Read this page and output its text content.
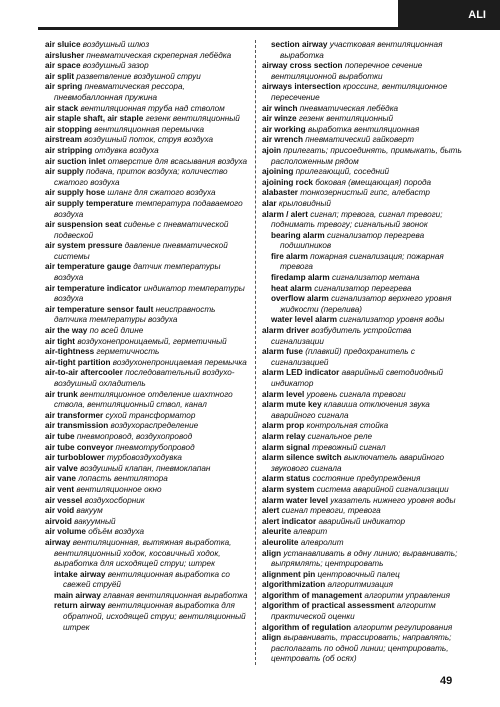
ALI

air sluice воздушный шлюз

airslusher пневматическая скреперная лебёдка

air space воздушный зазор

air split разветвление воздушной струи

air spring пневматическая рессора, пневмобаллонная пружина

air stack вентиляционная труба над стволом

air staple shaft, air staple гезенк вентиляционный

air stopping вентиляционная перемычка

airstream воздушный поток, струя воздуха

air stripping отдувка воздуха

air suction inlet отверстие для всасывания воздуха

air supply подача, приток воздуха; количество сжатого воздуха

air supply hose шланг для сжатого воздуха

air supply temperature температура подаваемого воздуха

air suspension seat сиденье с пневматической подвеской

air system pressure давление пневматической системы

air temperature gauge датчик температуры воздуха

air temperature indicator индикатор температуры воздуха

air temperature sensor fault неисправность датчика температуры воздуха

air the way по всей длине

air tight воздухонепроницаемый, герметичный

air-tightness герметичность

air-tight partition воздухонепроницаемая перемычка

air-to-air aftercooler последовательный воздухо-воздушный охладитель

air trunk вентиляционное отделение шахтного ствола, вентиляционный ствол, канал

air transformer сухой трансформатор

air transmission воздухораспределение

air tube пневмопровод, воздухопровод

air tube conveyor пневмотрубопровод

air turboblower турбовоздуходувка

air valve воздушный клапан, пневмоклапан

air vane лопасть вентилятора

air vent вентиляционное окно

air vessel воздухосборник

air void вакуум

airvoid вакуумный

air volume объём воздуха

airway вентиляционная, вытяжная выработка, вентиляционный ходок, косовичный ходок, выработка для исходящей струи; штрек

intake airway вентиляционная выработка со свежей струёй

main airway главная вентиляционная выработка

return airway вентиляционная выработка для обратной, исходящей струи; вентиляционный штрек

section airway участковая вентиляционная выработка

airway cross section поперечное сечение вентиляционной выработки

airways intersection кроссинг, вентиляционное пересечение

air winch пневматическая лебёдка

air winze гезенк вентиляционный

air working выработка вентиляционная

air wrench пневматический гайковерт

ajoin прилегать; присоединять, примыкать, быть расположенным рядом

ajoining прилегающий, соседний

ajoining rock боковая (вмещающая) порода

alabaster тонкозернистый гипс, алебастр

alar крыловидный

alarm / alert сигнал; тревога, сигнал тревоги; поднимать тревогу; сигнальный звонок

bearing alarm сигнализатор перегрева подшипников

fire alarm пожарная сигнализация; пожарная тревога

firedamp alarm сигнализатор метана

heat alarm сигнализатор перегрева

overflow alarm сигнализатор верхнего уровня жидкости (перелива)

water level alarm сигнализатор уровня воды

alarm driver возбудитель устройства сигнализации

alarm fuse (плавкий) предохранитель с сигнализацией

alarm LED indicator аварийный светодиодный индикатор

alarm level уровень сигнала тревоги

alarm mute key клавиша отключения звука аварийного сигнала

alarm prop контрольная стойка

alarm relay сигнальное реле

alarm signal тревожный сигнал

alarm silence switch выключатель аварийного звукового сигнала

alarm status состояние предупреждения

alarm system система аварийной сигнализации

alarm water level указатель нижнего уровня воды

alert сигнал тревоги, тревога

alert indicator аварийный индикатор

aleurite алеврит

aleurolite алевролит

align устанавливать в одну линию; выравнивать; выпрямлять; центрировать

alignment pin центровочный палец

algorithmization алгоритмизация

algorithm of management алгоритм управления

algorithm of practical assessment алгоритм практической оценки

algorithm of regulation алгоритм регулирования

align выравнивать, трассировать; направлять; располагать по одной линии; центрировать, центровать (об осях)

49
